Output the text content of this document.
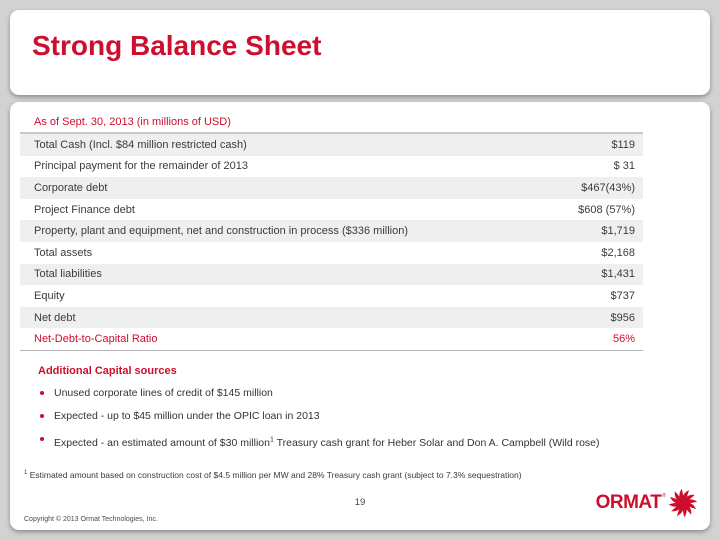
Strong Balance Sheet
As of Sept. 30, 2013 (in millions of USD)
Total Cash (Incl. $84 million restricted cash)	$119
Principal payment for the remainder of 2013	$ 31
Corporate debt	$467(43%)
Project Finance debt	$608 (57%)
Property, plant and equipment, net and construction in process ($336 million)	$1,719
Total assets	$2,168
Total liabilities	$1,431
Equity	$737
Net debt	$956
Net-Debt-to-Capital Ratio	56%
Additional Capital sources
Unused corporate lines of credit of $145 million
Expected - up to $45 million under the OPIC loan in 2013
Expected - an estimated amount of $30 million$^1$ Treasury cash grant for Heber Solar and Don A. Campbell (Wild rose)
$^1$ Estimated amount based on construction cost of $4.5 million per MW and 28% Treasury cash grant (subject to 7.3% sequestration)
19
Copyright © 2013 Ormat Technologies, Inc.
ORMAT ®
